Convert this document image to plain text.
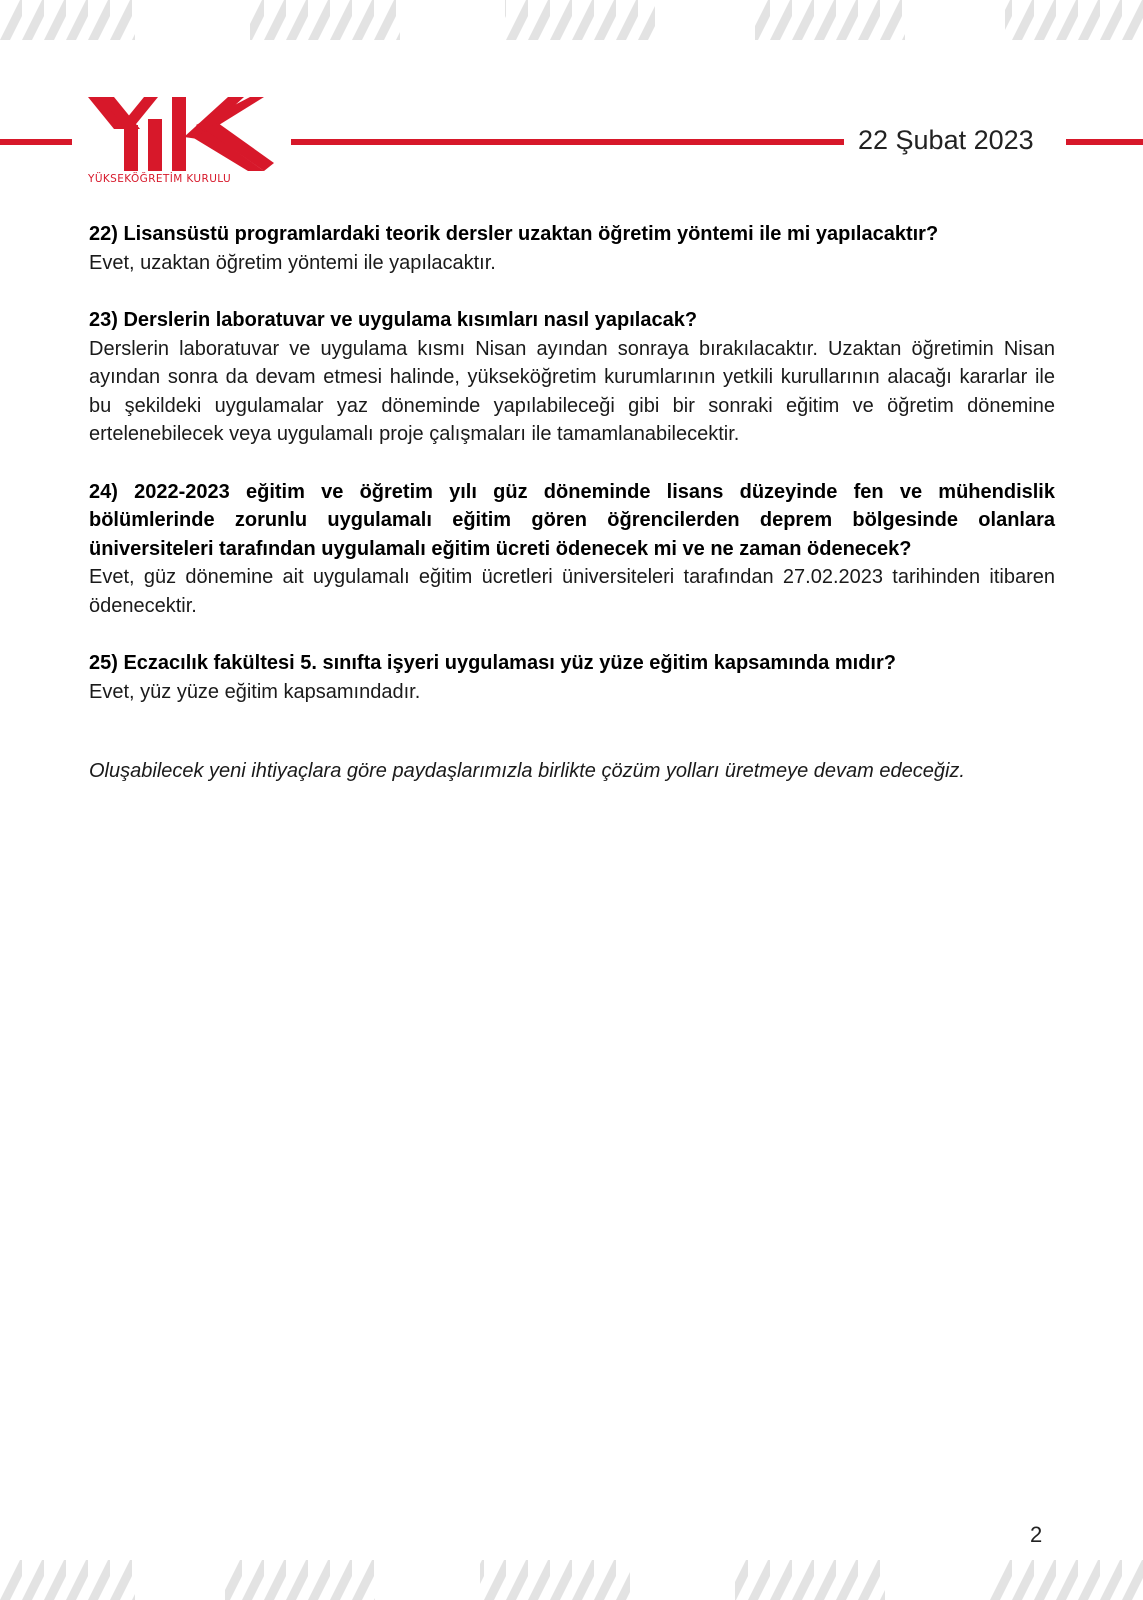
YÜKSEKÖĞRETİM KURULU
22 Şubat 2023

22) Lisansüstü programlardaki teorik dersler uzaktan öğretim yöntemi ile mi yapılacaktır?

Evet, uzaktan öğretim yöntemi ile yapılacaktır.

23) Derslerin laboratuvar ve uygulama kısımları nasıl yapılacak?

Derslerin laboratuvar ve uygulama kısmı Nisan ayından sonraya bırakılacaktır. Uzaktan öğretimin Nisan ayından sonra da devam etmesi halinde, yükseköğretim kurumlarının yetkili kurullarının alacağı kararlar ile bu şekildeki uygulamalar yaz döneminde yapılabileceği gibi bir sonraki eğitim ve öğretim dönemine ertelenebilecek veya uygulamalı proje çalışmaları ile tamamlanabilecektir.

24) 2022-2023 eğitim ve öğretim yılı güz döneminde lisans düzeyinde fen ve mühendislik bölümlerinde zorunlu uygulamalı eğitim gören öğrencilerden deprem bölgesinde olanlara üniversiteleri tarafından uygulamalı eğitim ücreti ödenecek mi ve ne zaman ödenecek?

Evet, güz dönemine ait uygulamalı eğitim ücretleri üniversiteleri tarafından 27.02.2023 tarihinden itibaren ödenecektir.

25) Eczacılık fakültesi 5. sınıfta işyeri uygulaması yüz yüze eğitim kapsamında mıdır?

Evet, yüz yüze eğitim kapsamındadır.

Oluşabilecek yeni ihtiyaçlara göre paydaşlarımızla birlikte çözüm yolları üretmeye devam edeceğiz.
2
